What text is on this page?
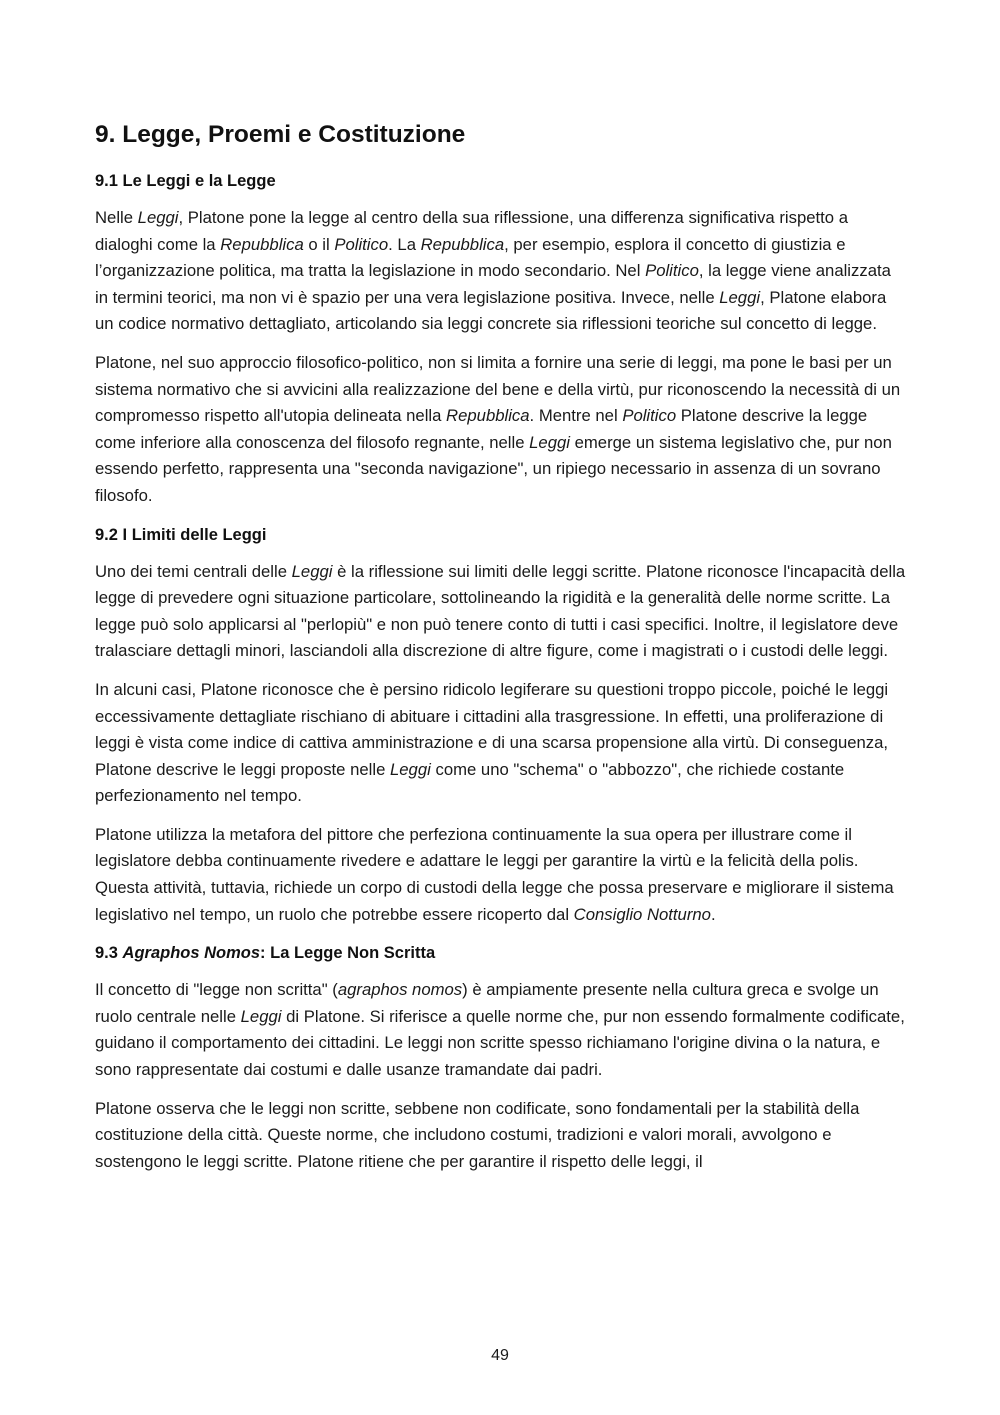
9. Legge, Proemi e Costituzione
9.1 Le Leggi e la Legge

Nelle Leggi, Platone pone la legge al centro della sua riflessione, una differenza significativa rispetto a dialoghi come la Repubblica o il Politico. La Repubblica, per esempio, esplora il concetto di giustizia e l’organizzazione politica, ma tratta la legislazione in modo secondario. Nel Politico, la legge viene analizzata in termini teorici, ma non vi è spazio per una vera legislazione positiva. Invece, nelle Leggi, Platone elabora un codice normativo dettagliato, articolando sia leggi concrete sia riflessioni teoriche sul concetto di legge.

Platone, nel suo approccio filosofico-politico, non si limita a fornire una serie di leggi, ma pone le basi per un sistema normativo che si avvicini alla realizzazione del bene e della virtù, pur riconoscendo la necessità di un compromesso rispetto all'utopia delineata nella Repubblica. Mentre nel Politico Platone descrive la legge come inferiore alla conoscenza del filosofo regnante, nelle Leggi emerge un sistema legislativo che, pur non essendo perfetto, rappresenta una "seconda navigazione", un ripiego necessario in assenza di un sovrano filosofo.

9.2 I Limiti delle Leggi

Uno dei temi centrali delle Leggi è la riflessione sui limiti delle leggi scritte. Platone riconosce l'incapacità della legge di prevedere ogni situazione particolare, sottolineando la rigidità e la generalità delle norme scritte. La legge può solo applicarsi al "perlopiù" e non può tenere conto di tutti i casi specifici. Inoltre, il legislatore deve tralasciare dettagli minori, lasciandoli alla discrezione di altre figure, come i magistrati o i custodi delle leggi.

In alcuni casi, Platone riconosce che è persino ridicolo legiferare su questioni troppo piccole, poiché le leggi eccessivamente dettagliate rischiano di abituare i cittadini alla trasgressione. In effetti, una proliferazione di leggi è vista come indice di cattiva amministrazione e di una scarsa propensione alla virtù. Di conseguenza, Platone descrive le leggi proposte nelle Leggi come uno "schema" o "abbozzo", che richiede costante perfezionamento nel tempo.

Platone utilizza la metafora del pittore che perfeziona continuamente la sua opera per illustrare come il legislatore debba continuamente rivedere e adattare le leggi per garantire la virtù e la felicità della polis. Questa attività, tuttavia, richiede un corpo di custodi della legge che possa preservare e migliorare il sistema legislativo nel tempo, un ruolo che potrebbe essere ricoperto dal Consiglio Notturno.

9.3 Agraphos Nomos: La Legge Non Scritta

Il concetto di "legge non scritta" (agraphos nomos) è ampiamente presente nella cultura greca e svolge un ruolo centrale nelle Leggi di Platone. Si riferisce a quelle norme che, pur non essendo formalmente codificate, guidano il comportamento dei cittadini. Le leggi non scritte spesso richiamano l'origine divina o la natura, e sono rappresentate dai costumi e dalle usanze tramandate dai padri.

Platone osserva che le leggi non scritte, sebbene non codificate, sono fondamentali per la stabilità della costituzione della città. Queste norme, che includono costumi, tradizioni e valori morali, avvolgono e sostengono le leggi scritte. Platone ritiene che per garantire il rispetto delle leggi, il

49
